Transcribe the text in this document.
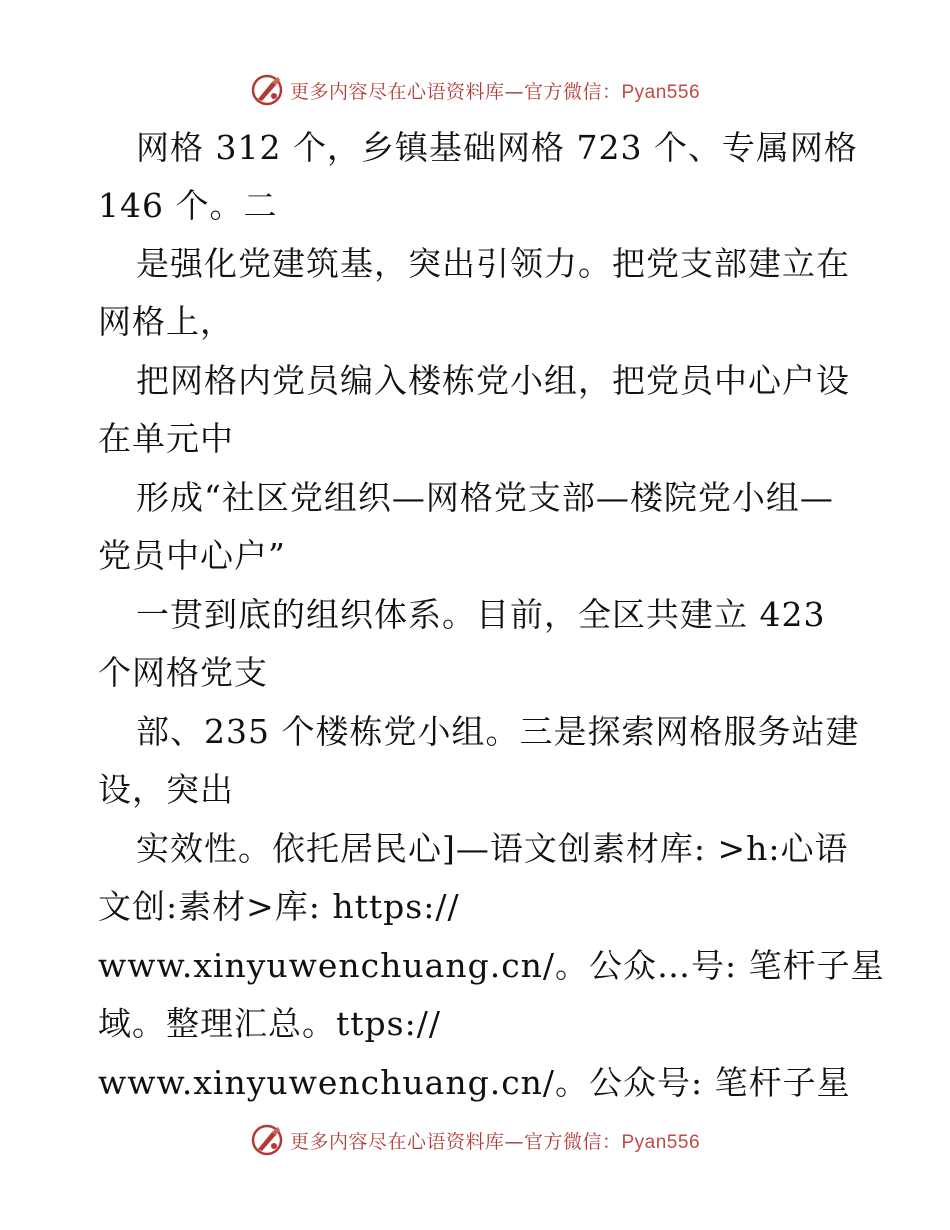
更多内容尽在心语资料库—官方微信：Pyan556
网格 312 个，乡镇基础网格 723 个、专属网格
146 个。二
是强化党建筑基，突出引领力。把党支部建立在
网格上，
把网格内党员编入楼栋党小组，把党员中心户设
在单元中
形成“社区党组织—网格党支部—楼院党小组—
党员中心户”
一贯到底的组织体系。目前，全区共建立 423
个网格党支
部、235 个楼栋党小组。三是探索网格服务站建
设，突出
实效性。依托居民心]—语文创素材库: >h:心语
文创:素材>库: https://
www.xinyuwenchuang.cn/。公众…号: 笔杆子星
域。整理汇总。ttps://
www.xinyuwenchuang.cn/。公众号: 笔杆子星
更多内容尽在心语资料库—官方微信：Pyan556
